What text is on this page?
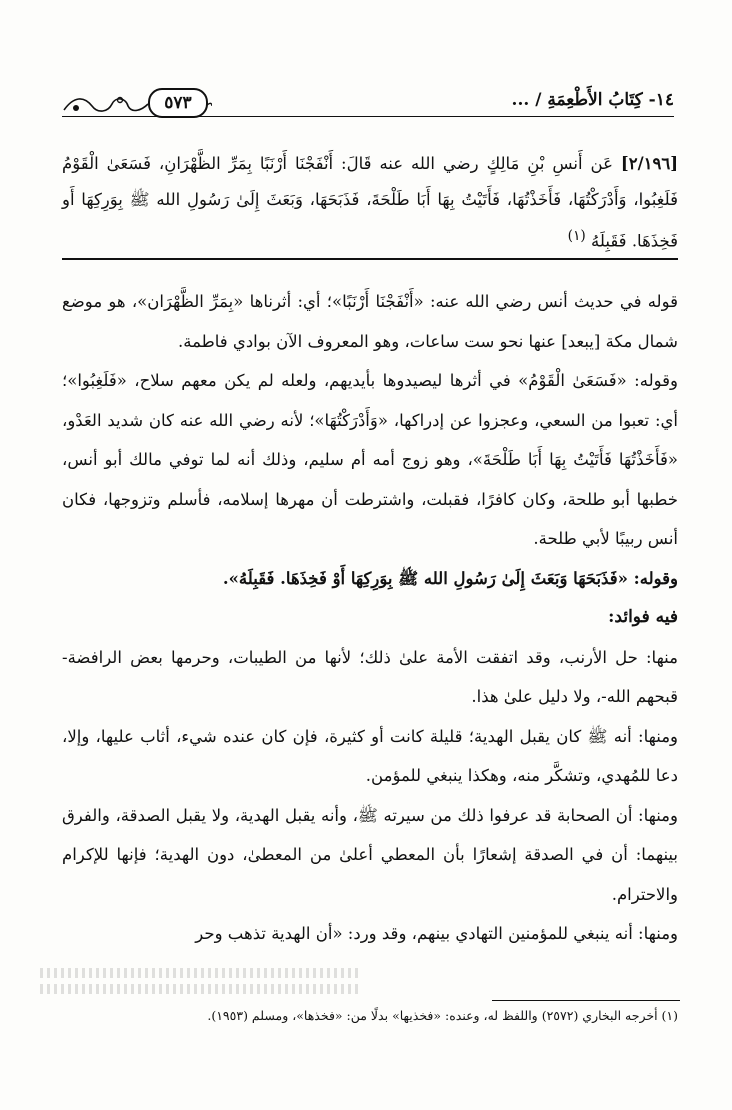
١٤- كِتَابُ الأَطْعِمَةِ / ...
٥٧٣
[٢/١٩٦] عَن أَنسِ بْنِ مَالِكٍ رضي الله عنه قَالَ: أَنْفَجْنَا أَرْنَبًا بِمَرِّ الظَّهْرَانِ، فَسَعَىٰ الْقَوْمُ فَلَغِبُوا، وَأَدْرَكْتُهَا، فَأَخَذْتُهَا، فَأَتَيْتُ بِهَا أَبَا طَلْحَةَ، فَذَبَحَهَا، وَبَعَثَ إِلَىٰ رَسُولِ الله ﷺ بِوَرِكِهَا أَو فَخِذَهَا. فَقَبِلَهُ $^{(١)}$

قوله في حديث أنس رضي الله عنه: «أَنْفَجْنَا أَرْنَبًا»؛ أي: أثرناها «بِمَرِّ الظَّهْرَان»، هو موضع شمال مكة [يبعد] عنها نحو ست ساعات، وهو المعروف الآن بوادي فاطمة.

وقوله: «فَسَعَىٰ الْقَوْمُ» في أثرها ليصيدوها بأيديهم، ولعله لم يكن معهم سلاح، «فَلَغِبُوا»؛ أي: تعبوا من السعي، وعجزوا عن إدراكها، «وَأَدْرَكْتُهَا»؛ لأنه رضي الله عنه كان شديد العَدْو، «فَأَخَذْتُهَا فَأَتَيْتُ بِهَا أَبَا طَلْحَةَ»، وهو زوج أمه أم سليم، وذلك أنه لما توفي مالك أبو أنس، خطبها أبو طلحة، وكان كافرًا، فقبلت، واشترطت أن مهرها إسلامه، فأسلم وتزوجها، فكان أنس ربيبًا لأبي طلحة.

وقوله: «فَذَبَحَهَا وَبَعَثَ إِلَىٰ رَسُولِ الله ﷺ بِوَرِكِهَا أَوْ فَخِذَهَا. فَقَبِلَهُ».

فيه فوائد:

منها: حل الأرنب، وقد اتفقت الأمة علىٰ ذلك؛ لأنها من الطيبات، وحرمها بعض الرافضة- قبحهم الله-، ولا دليل علىٰ هذا.

ومنها: أنه ﷺ كان يقبل الهدية؛ قليلة كانت أو كثيرة، فإن كان عنده شيء، أثاب عليها، وإلا، دعا للمُهدي، وتشكَّر منه، وهكذا ينبغي للمؤمن.

ومنها: أن الصحابة قد عرفوا ذلك من سيرته ﷺ، وأنه يقبل الهدية، ولا يقبل الصدقة، والفرق بينهما: أن في الصدقة إشعارًا بأن المعطي أعلىٰ من المعطىٰ، دون الهدية؛ فإنها للإكرام والاحترام.

ومنها: أنه ينبغي للمؤمنين التهادي بينهم، وقد ورد: «أن الهدية تذهب وحر

(١) أخرجه البخاري (٢٥٧٢) واللفظ له، وعنده: «فخذيها» بدلًا من: «فخذها»، ومسلم (١٩٥٣).
